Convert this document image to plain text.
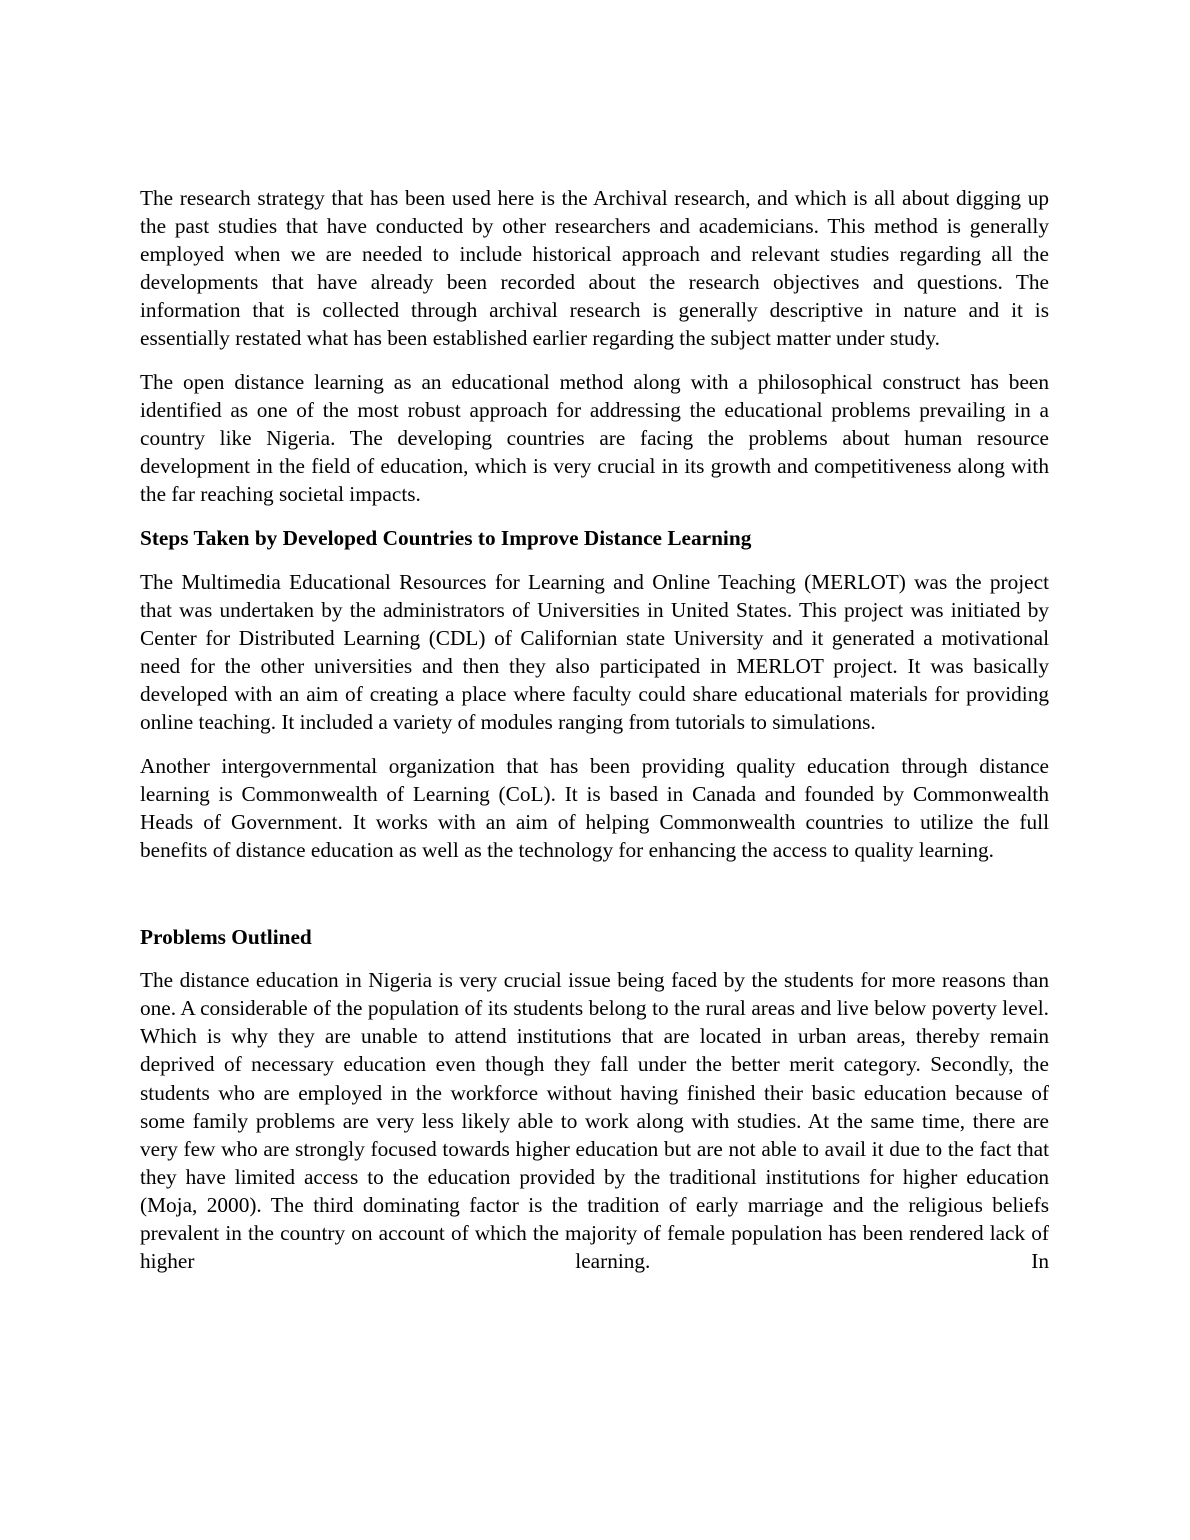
The research strategy that has been used here is the Archival research, and which is all about digging up the past studies that have conducted by other researchers and academicians. This method is generally employed when we are needed to include historical approach and relevant studies regarding all the developments that have already been recorded about the research objectives and questions. The information that is collected through archival research is generally descriptive in nature and it is essentially restated what has been established earlier regarding the subject matter under study.

The open distance learning as an educational method along with a philosophical construct has been identified as one of the most robust approach for addressing the educational problems prevailing in a country like Nigeria. The developing countries are facing the problems about human resource development in the field of education, which is very crucial in its growth and competitiveness along with the far reaching societal impacts.

Steps Taken by Developed Countries to Improve Distance Learning

The Multimedia Educational Resources for Learning and Online Teaching (MERLOT) was the project that was undertaken by the administrators of Universities in United States. This project was initiated by Center for Distributed Learning (CDL) of Californian state University and it generated a motivational need for the other universities and then they also participated in MERLOT project. It was basically developed with an aim of creating a place where faculty could share educational materials for providing online teaching. It included a variety of modules ranging from tutorials to simulations.

Another intergovernmental organization that has been providing quality education through distance learning is Commonwealth of Learning (CoL). It is based in Canada and founded by Commonwealth Heads of Government. It works with an aim of helping Commonwealth countries to utilize the full benefits of distance education as well as the technology for enhancing the access to quality learning.

Problems Outlined

The distance education in Nigeria is very crucial issue being faced by the students for more reasons than one. A considerable of the population of its students belong to the rural areas and live below poverty level. Which is why they are unable to attend institutions that are located in urban areas, thereby remain deprived of necessary education even though they fall under the better merit category. Secondly, the students who are employed in the workforce without having finished their basic education because of some family problems are very less likely able to work along with studies. At the same time, there are very few who are strongly focused towards higher education but are not able to avail it due to the fact that they have limited access to the education provided by the traditional institutions for higher education (Moja, 2000). The third dominating factor is the tradition of early marriage and the religious beliefs prevalent in the country on account of which the majority of female population has been rendered lack of higher learning. In
